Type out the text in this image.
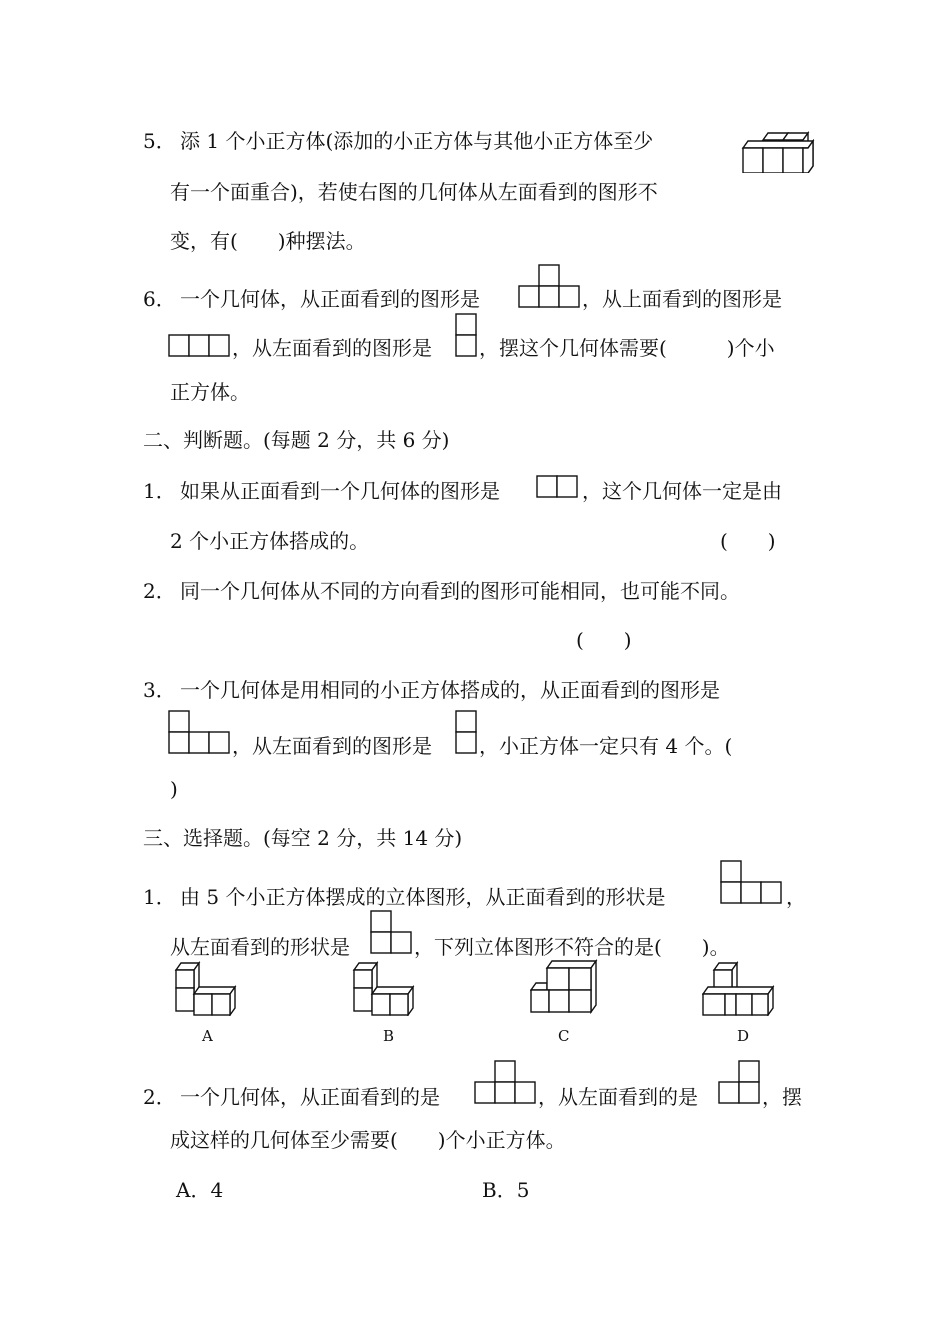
5． 添 1 个小正方体(添加的小正方体与其他小正方体至少
有一个面重合)，若使右图的几何体从左面看到的图形不
变，有(　　)种摆法。
6． 一个几何体，从正面看到的图形是	，从上面看到的图形是
，从左面看到的图形是 ，摆这个几何体需要(　　　)个小
正方体。
二、判断题。(每题 2 分，共 6 分)
1． 如果从正面看到一个几何体的图形是	，这个几何体一定是由
2 个小正方体搭成的。	(　　)
2． 同一个几何体从不同的方向看到的图形可能相同，也可能不同。
(　　)
3． 一个几何体是用相同的小正方体搭成的，从正面看到的图形是
，从左面看到的图形是 ，小正方体一定只有 4 个。(
)
三、选择题。(每空 2 分，共 14 分)
1． 由 5 个小正方体摆成的立体图形，从正面看到的形状是	，
从左面看到的形状是	，下列立体图形不符合的是(　　)。
A	B	C	D
2． 一个几何体，从正面看到的是	，从左面看到的是	，摆
成这样的几何体至少需要(　　)个小正方体。
A．4	B．5
